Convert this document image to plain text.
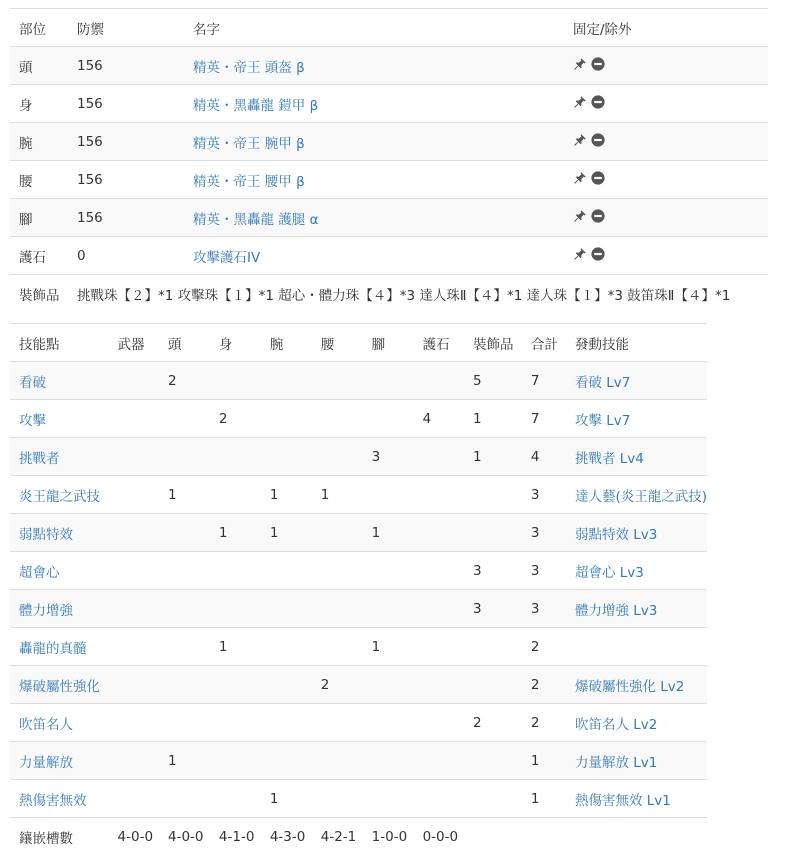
部位	防禦	名字	固定/除外
頭	156	精英・帝王 頭盔 β	

身	156	精英・黑轟龍 鎧甲 β	

腕	156	精英・帝王 腕甲 β	

腰	156	精英・帝王 腰甲 β	

腳	156	精英・黑轟龍 護腿 α	

護石	0	攻擊護石IV	

裝飾品	挑戰珠【２】*1 攻擊珠【１】*1 超心・體力珠【４】*3 達人珠Ⅱ【４】*1 達人珠【１】*3 鼓笛珠Ⅱ【４】*1		
技能點	武器	頭	身	腕	腰	腳	護石	裝飾品	合計	發動技能
看破		2						5	7	看破 Lv7
攻擊			2				4	1	7	攻擊 Lv7
挑戰者						3		1	4	挑戰者 Lv4
炎王龍之武技		1		1	1				3	達人藝(炎王龍之武技)
弱點特效			1	1		1			3	弱點特效 Lv3
超會心								3	3	超會心 Lv3
體力增強								3	3	體力增強 Lv3
轟龍的真髓			1			1			2	
爆破屬性強化					2				2	爆破屬性強化 Lv2
吹笛名人								2	2	吹笛名人 Lv2
力量解放		1							1	力量解放 Lv1
熱傷害無效				1					1	熱傷害無效 Lv1
鑲嵌槽數	4-0-0	4-0-0	4-1-0	4-3-0	4-2-1	1-0-0	0-0-0			
